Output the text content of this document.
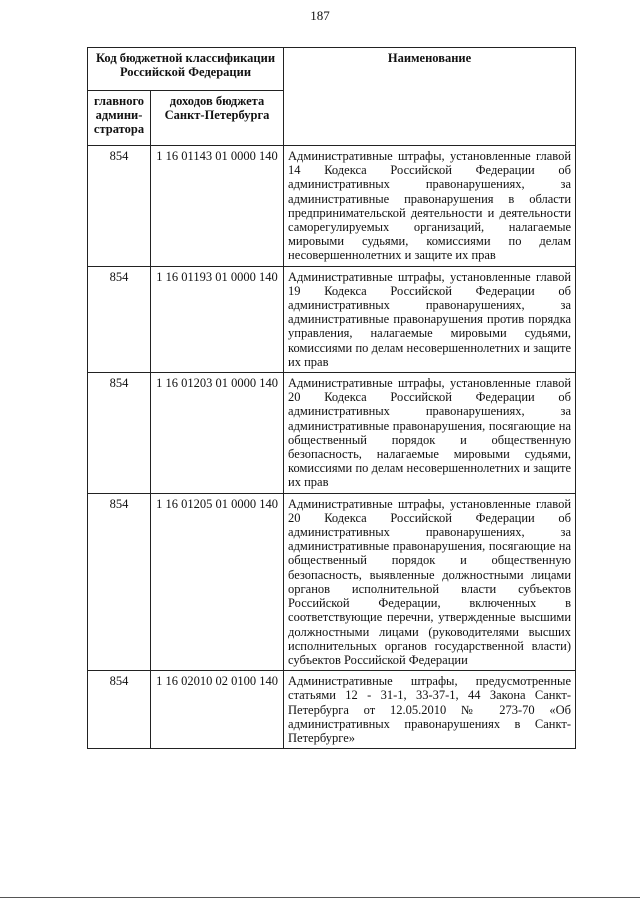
187
Код бюджетной классификации Российской Федерации		Наименование
главного админи-стратора	доходов бюджета Санкт-Петербурга	
854	1 16 01143 01 0000 140	Административные штрафы, установленные главой 14 Кодекса Российской Федерации об административных правонарушениях, за административные правонарушения в области предпринимательской деятельности и деятельности саморегулируемых организаций, налагаемые мировыми судьями, комиссиями по делам несовершеннолетних и защите их прав
854	1 16 01193 01 0000 140	Административные штрафы, установленные главой 19 Кодекса Российской Федерации об административных правонарушениях, за административные правонарушения против порядка управления, налагаемые мировыми судьями, комиссиями по делам несовершеннолетних и защите их прав
854	1 16 01203 01 0000 140	Административные штрафы, установленные главой 20 Кодекса Российской Федерации об административных правонарушениях, за административные правонарушения, посягающие на общественный порядок и общественную безопасность, налагаемые мировыми судьями, комиссиями по делам несовершеннолетних и защите их прав
854	1 16 01205 01 0000 140	Административные штрафы, установленные главой 20 Кодекса Российской Федерации об административных правонарушениях, за административные правонарушения, посягающие на общественный порядок и общественную безопасность, выявленные должностными лицами органов исполнительной власти субъектов Российской Федерации, включенных в соответствующие перечни, утвержденные высшими должностными лицами (руководителями высших исполнительных органов государственной власти) субъектов Российской Федерации
854	1 16 02010 02 0100 140	Административные штрафы, предусмотренные статьями 12 - 31-1, 33-37-1, 44 Закона Санкт-Петербурга от 12.05.2010 № 273-70 «Об административных правонарушениях в Санкт-Петербурге»
